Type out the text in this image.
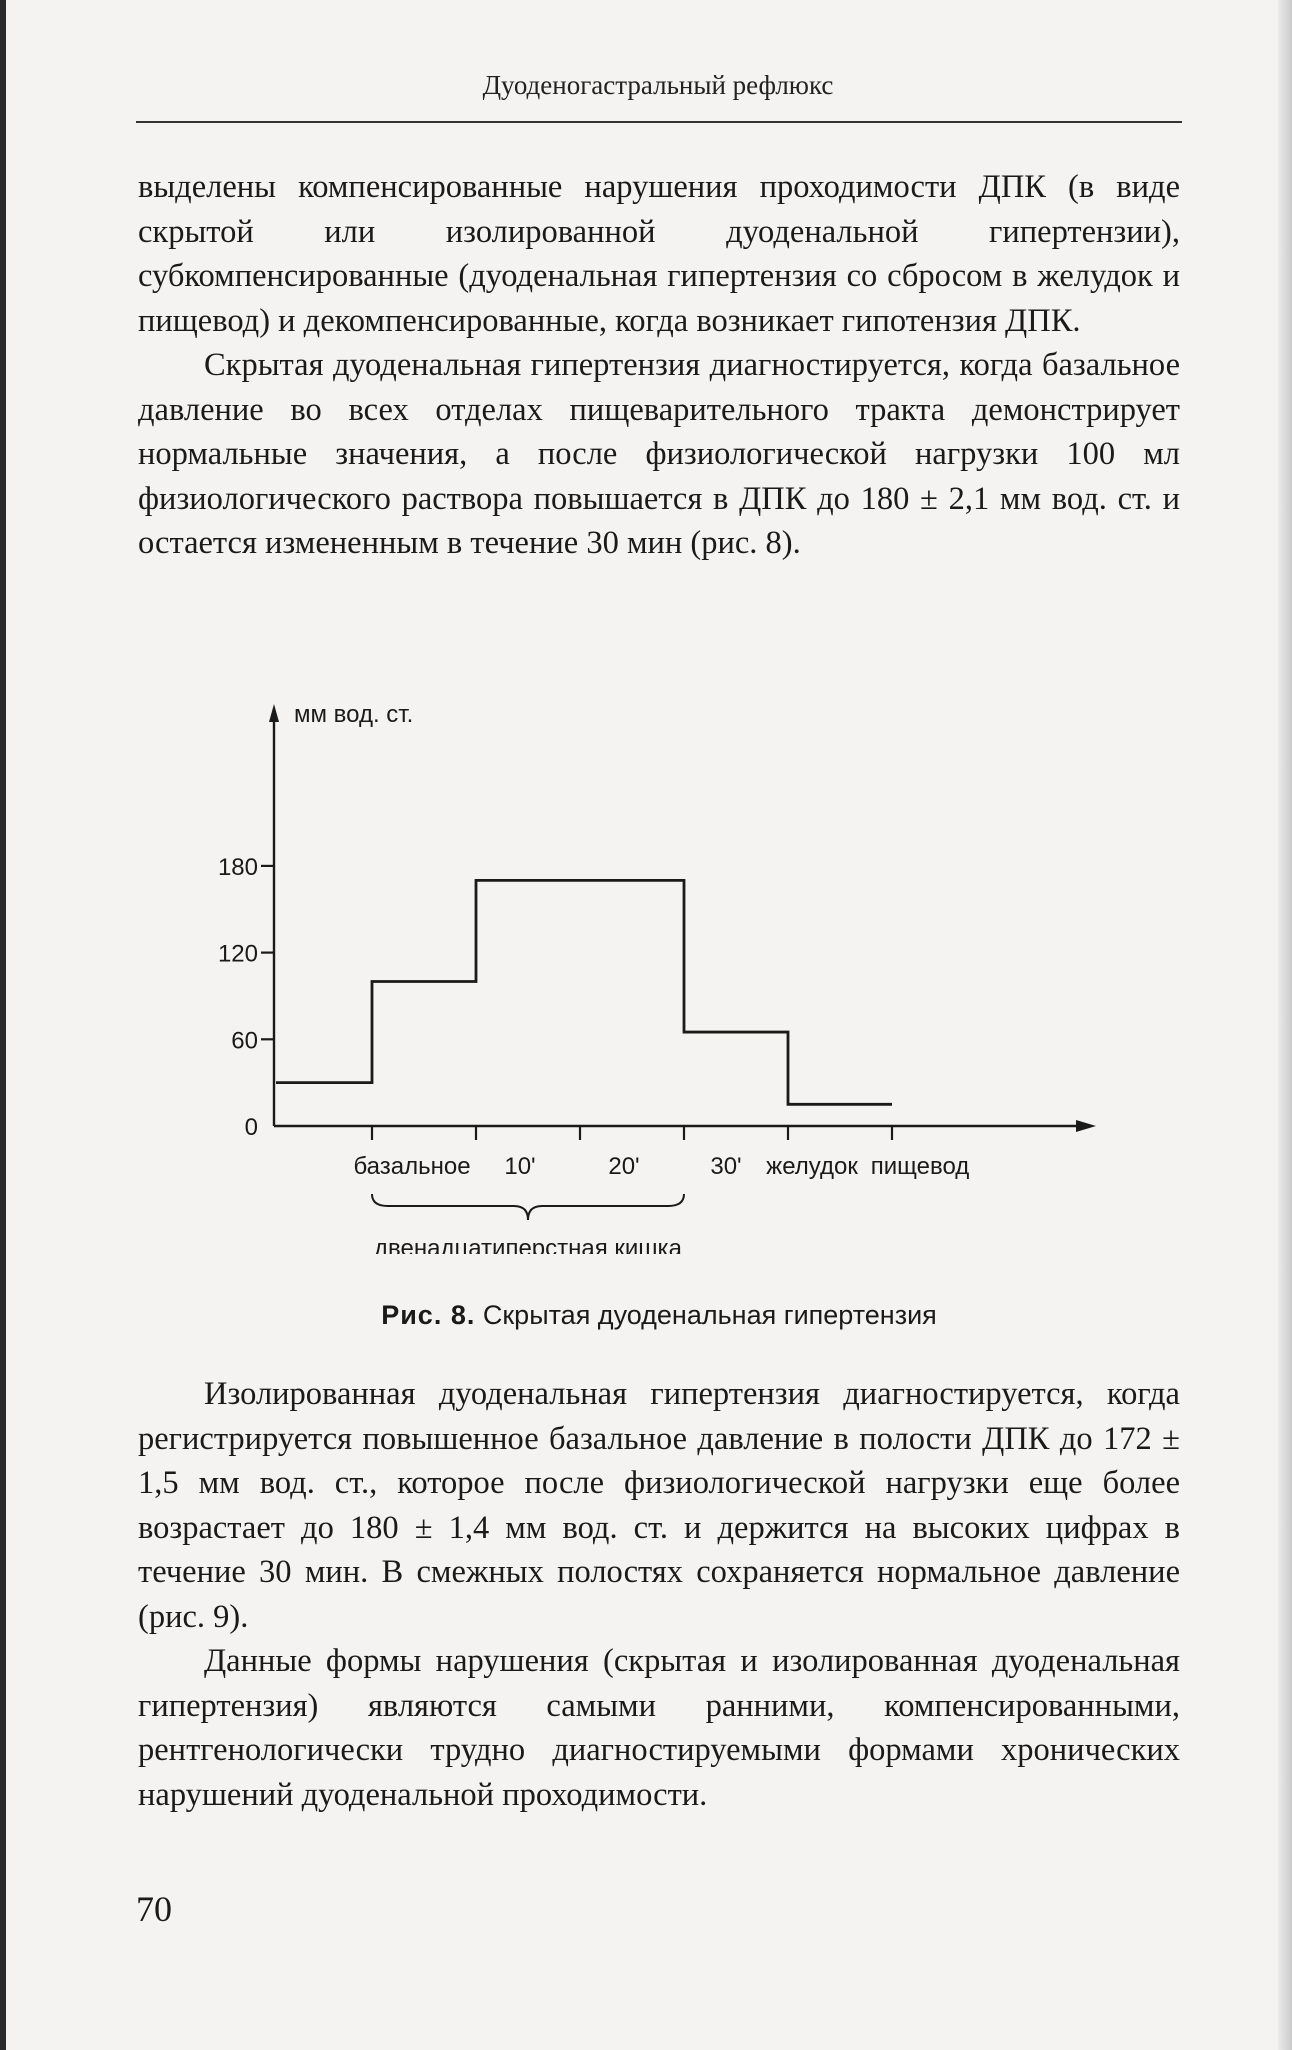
Дуоденогастральный рефлюкс

выделены компенсированные нарушения проходимости ДПК (в виде скрытой или изолированной дуоденальной гипертензии), субкомпенсированные (дуоденальная гипертензия со сбросом в желудок и пищевод) и декомпенсированные, когда возникает гипотензия ДПК.

Скрытая дуоденальная гипертензия диагностируется, когда базальное давление во всех отделах пищеварительного тракта демонстрирует нормальные значения, а после физиологической нагрузки 100 мл физиологического раствора повышается в ДПК до 180 ± 2,1 мм вод. ст. и остается измененным в течение 30 мин (рис. 8).

мм вод. ст.
0
60
120
180
базальное 10'	20'	30' желудок пищевод
двенадцатиперстная кишка
Рис. 8. Скрытая дуоденальная гипертензия

Изолированная дуоденальная гипертензия диагностируется, когда регистрируется повышенное базальное давление в полости ДПК до 172 ± 1,5 мм вод. ст., которое после физиологической нагрузки еще более возрастает до 180 ± 1,4 мм вод. ст. и держится на высоких цифрах в течение 30 мин. В смежных полостях сохраняется нормальное давление (рис. 9).

Данные формы нарушения (скрытая и изолированная дуоденальная гипертензия) являются самыми ранними, компенсированными, рентгенологически трудно диагностируемыми формами хронических нарушений дуоденальной проходимости.

70
